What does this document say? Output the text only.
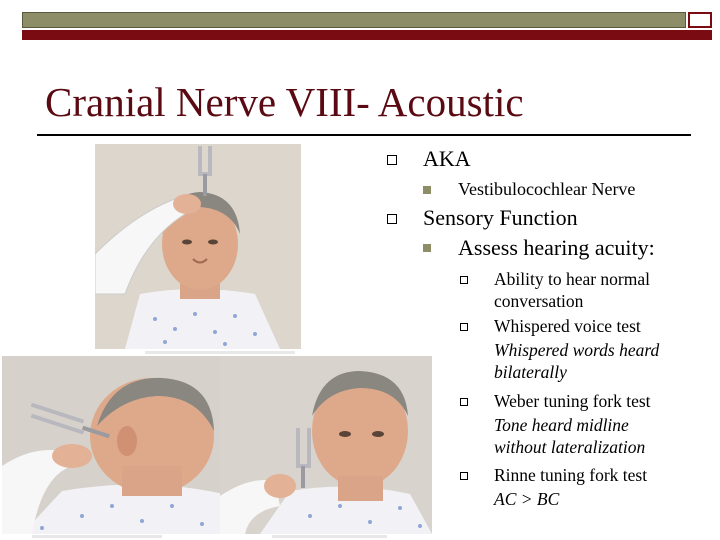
Cranial Nerve VIII- Acoustic
AKA
Vestibulocochlear Nerve
Sensory Function
Assess hearing acuity:
Ability to hear normal
conversation
Whispered voice test
Whispered words heard
bilaterally
Weber tuning fork test
Tone heard midline
without lateralization
Rinne tuning fork test
AC > BC
